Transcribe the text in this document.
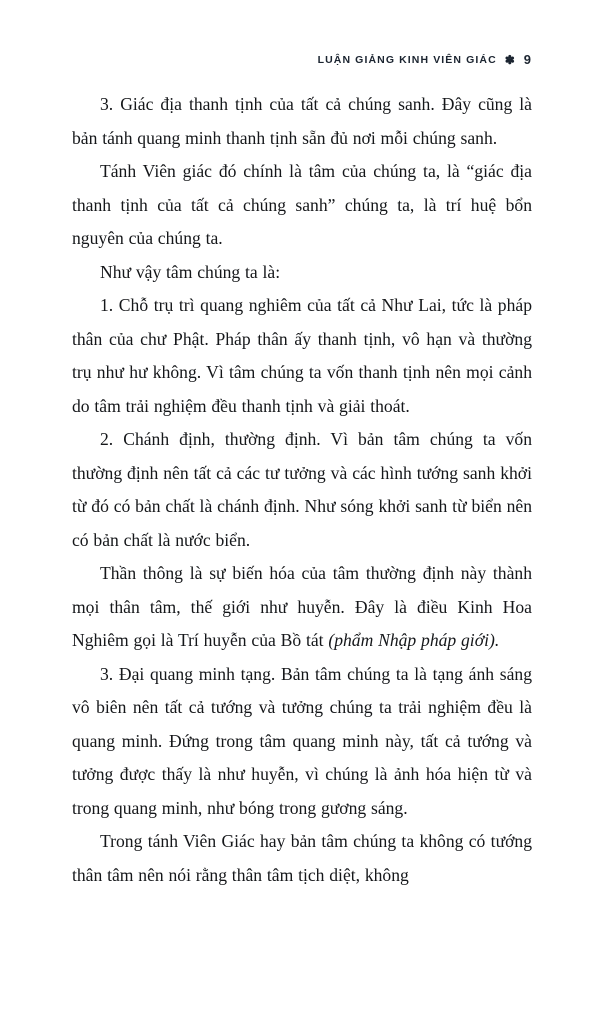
LUẬN GIẢNG KINH VIÊN GIÁC ✽ 9

3. Giác địa thanh tịnh của tất cả chúng sanh. Đây cũng là bản tánh quang minh thanh tịnh sẵn đủ nơi mỗi chúng sanh.

Tánh Viên giác đó chính là tâm của chúng ta, là “giác địa thanh tịnh của tất cả chúng sanh” chúng ta, là trí huệ bổn nguyên của chúng ta.

Như vậy tâm chúng ta là:

1. Chỗ trụ trì quang nghiêm của tất cả Như Lai, tức là pháp thân của chư Phật. Pháp thân ấy thanh tịnh, vô hạn và thường trụ như hư không. Vì tâm chúng ta vốn thanh tịnh nên mọi cảnh do tâm trải nghiệm đều thanh tịnh và giải thoát.

2. Chánh định, thường định. Vì bản tâm chúng ta vốn thường định nên tất cả các tư tưởng và các hình tướng sanh khởi từ đó có bản chất là chánh định. Như sóng khởi sanh từ biển nên có bản chất là nước biển.

Thần thông là sự biến hóa của tâm thường định này thành mọi thân tâm, thế giới như huyễn. Đây là điều Kinh Hoa Nghiêm gọi là Trí huyễn của Bồ tát (phẩm Nhập pháp giới).

3. Đại quang minh tạng. Bản tâm chúng ta là tạng ánh sáng vô biên nên tất cả tướng và tưởng chúng ta trải nghiệm đều là quang minh. Đứng trong tâm quang minh này, tất cả tướng và tưởng được thấy là như huyễn, vì chúng là ảnh hóa hiện từ và trong quang minh, như bóng trong gương sáng.

Trong tánh Viên Giác hay bản tâm chúng ta không có tướng thân tâm nên nói rằng thân tâm tịch diệt, không
